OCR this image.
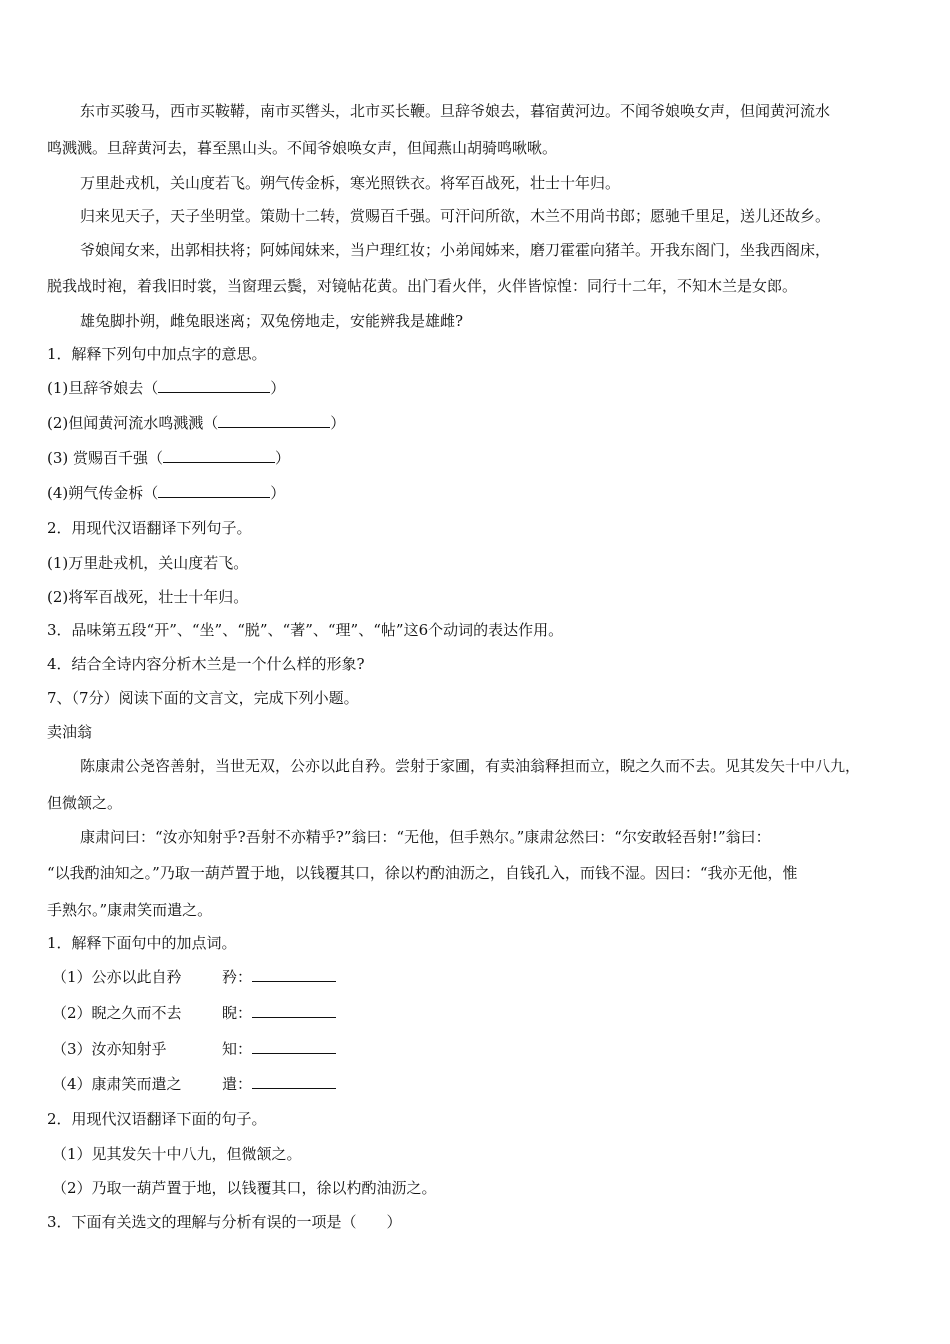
东市买骏马，西市买鞍鞯，南市买辔头，北市买长鞭。旦辞爷娘去，暮宿黄河边。不闻爷娘唤女声，但闻黄河流水
鸣溅溅。旦辞黄河去，暮至黑山头。不闻爷娘唤女声，但闻燕山胡骑鸣啾啾。
万里赴戎机，关山度若飞。朔气传金柝，寒光照铁衣。将军百战死，壮士十年归。
归来见天子，天子坐明堂。策勋十二转，赏赐百千强。可汗问所欲，木兰不用尚书郎；愿驰千里足，送儿还故乡。
爷娘闻女来，出郭相扶将；阿姊闻妹来，当户理红妆；小弟闻姊来，磨刀霍霍向猪羊。开我东阁门，坐我西阁床，
脱我战时袍，着我旧时裳，当窗理云鬓，对镜帖花黄。出门看火伴，火伴皆惊惶：同行十二年，不知木兰是女郎。
雄兔脚扑朔，雌兔眼迷离；双兔傍地走，安能辨我是雄雌?
1．解释下列句中加点字的意思。
(1)旦辞爷娘去（	）
(2)但闻黄河流水鸣溅溅（	）
(3) 赏赐百千强（	）
(4)朔气传金柝（	）
2．用现代汉语翻译下列句子。
(1)万里赴戎机，关山度若飞。
(2)将军百战死，壮士十年归。
3．品味第五段“开”、“坐”、“脱”、“著”、“理”、“帖”这6个动词的表达作用。
4．结合全诗内容分析木兰是一个什么样的形象?
7、（7分）阅读下面的文言文，完成下列小题。
卖油翁
陈康肃公尧咨善射，当世无双，公亦以此自矜。尝射于家圃，有卖油翁释担而立，睨之久而不去。见其发矢十中八九，
但微颔之。
康肃问曰：“汝亦知射乎?吾射不亦精乎?”翁曰：“无他，但手熟尔。”康肃忿然曰：“尔安敢轻吾射!”翁曰：
“以我酌油知之。”乃取一葫芦置于地，以钱覆其口，徐以杓酌油沥之，自钱孔入，而钱不湿。因曰：“我亦无他，惟
手熟尔。”康肃笑而遣之。
1．解释下面句中的加点词。
（1）公亦以此自矜	矜：
（2）睨之久而不去	睨：
（3）汝亦知射乎	知：
（4）康肃笑而遣之	遣：
2．用现代汉语翻译下面的句子。
（1）见其发矢十中八九，但微颔之。
（2）乃取一葫芦置于地，以钱覆其口，徐以杓酌油沥之。
3．下面有关选文的理解与分析有误的一项是（　　）
